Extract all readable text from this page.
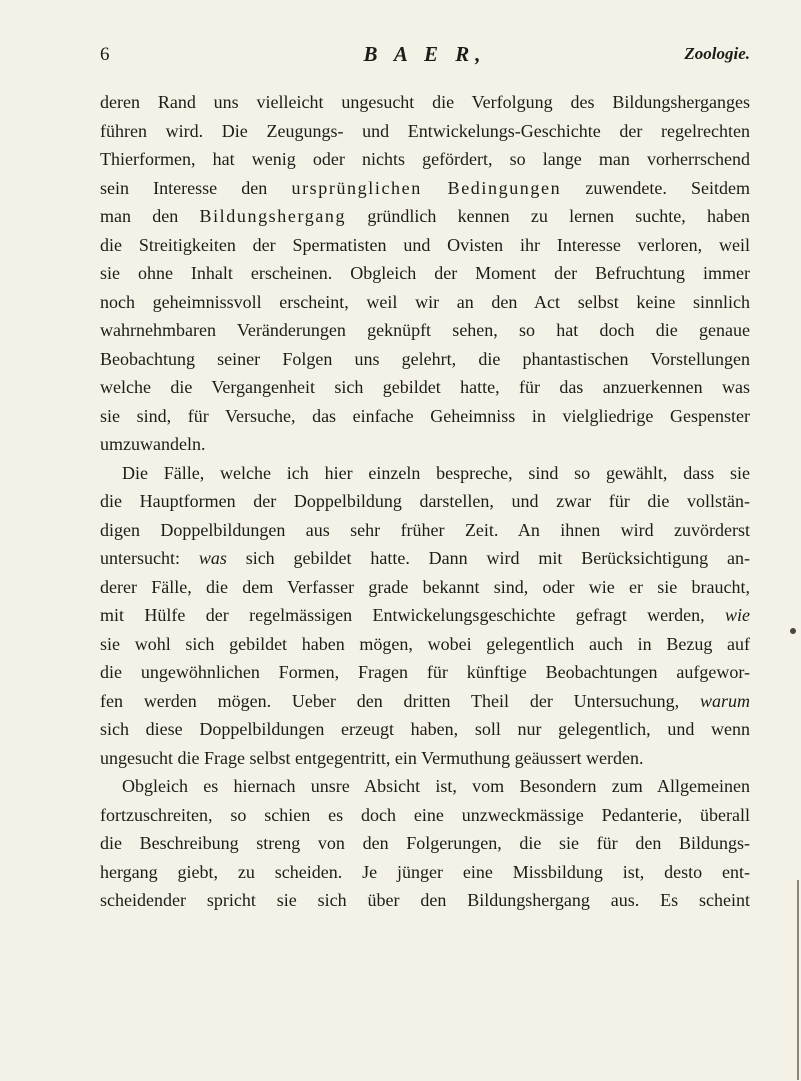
6	B A E R,	Zoologie.
deren Rand uns vielleicht ungesucht die Verfolgung des Bildungsherganges
führen wird. Die Zeugungs- und Entwickelungs-Geschichte der regelrechten
Thierformen, hat wenig oder nichts gefördert, so lange man vorherrschend
sein Interesse den ursprünglichen Bedingungen zuwendete. Seitdem
man den Bildungshergang gründlich kennen zu lernen suchte, haben
die Streitigkeiten der Spermatisten und Ovisten ihr Interesse verloren, weil
sie ohne Inhalt erscheinen. Obgleich der Moment der Befruchtung immer
noch geheimnissvoll erscheint, weil wir an den Act selbst keine sinnlich
wahrnehmbaren Veränderungen geknüpft sehen, so hat doch die genaue
Beobachtung seiner Folgen uns gelehrt, die phantastischen Vorstellungen
welche die Vergangenheit sich gebildet hatte, für das anzuerkennen was
sie sind, für Versuche, das einfache Geheimniss in vielgliedrige Gespenster
umzuwandeln.
Die Fälle, welche ich hier einzeln bespreche, sind so gewählt, dass sie
die Hauptformen der Doppelbildung darstellen, und zwar für die vollstän-
digen Doppelbildungen aus sehr früher Zeit. An ihnen wird zuvörderst
untersucht: was sich gebildet hatte. Dann wird mit Berücksichtigung an-
derer Fälle, die dem Verfasser grade bekannt sind, oder wie er sie braucht,
mit Hülfe der regelmässigen Entwickelungsgeschichte gefragt werden, wie
sie wohl sich gebildet haben mögen, wobei gelegentlich auch in Bezug auf
die ungewöhnlichen Formen, Fragen für künftige Beobachtungen aufgewor-
fen werden mögen. Ueber den dritten Theil der Untersuchung, warum
sich diese Doppelbildungen erzeugt haben, soll nur gelegentlich, und wenn
ungesucht die Frage selbst entgegentritt, ein Vermuthung geäussert werden.
Obgleich es hiernach unsre Absicht ist, vom Besondern zum Allgemeinen
fortzuschreiten, so schien es doch eine unzweckmässige Pedanterie, überall
die Beschreibung streng von den Folgerungen, die sie für den Bildungs-
hergang giebt, zu scheiden. Je jünger eine Missbildung ist, desto ent-
scheidender spricht sie sich über den Bildungshergang aus. Es scheint
